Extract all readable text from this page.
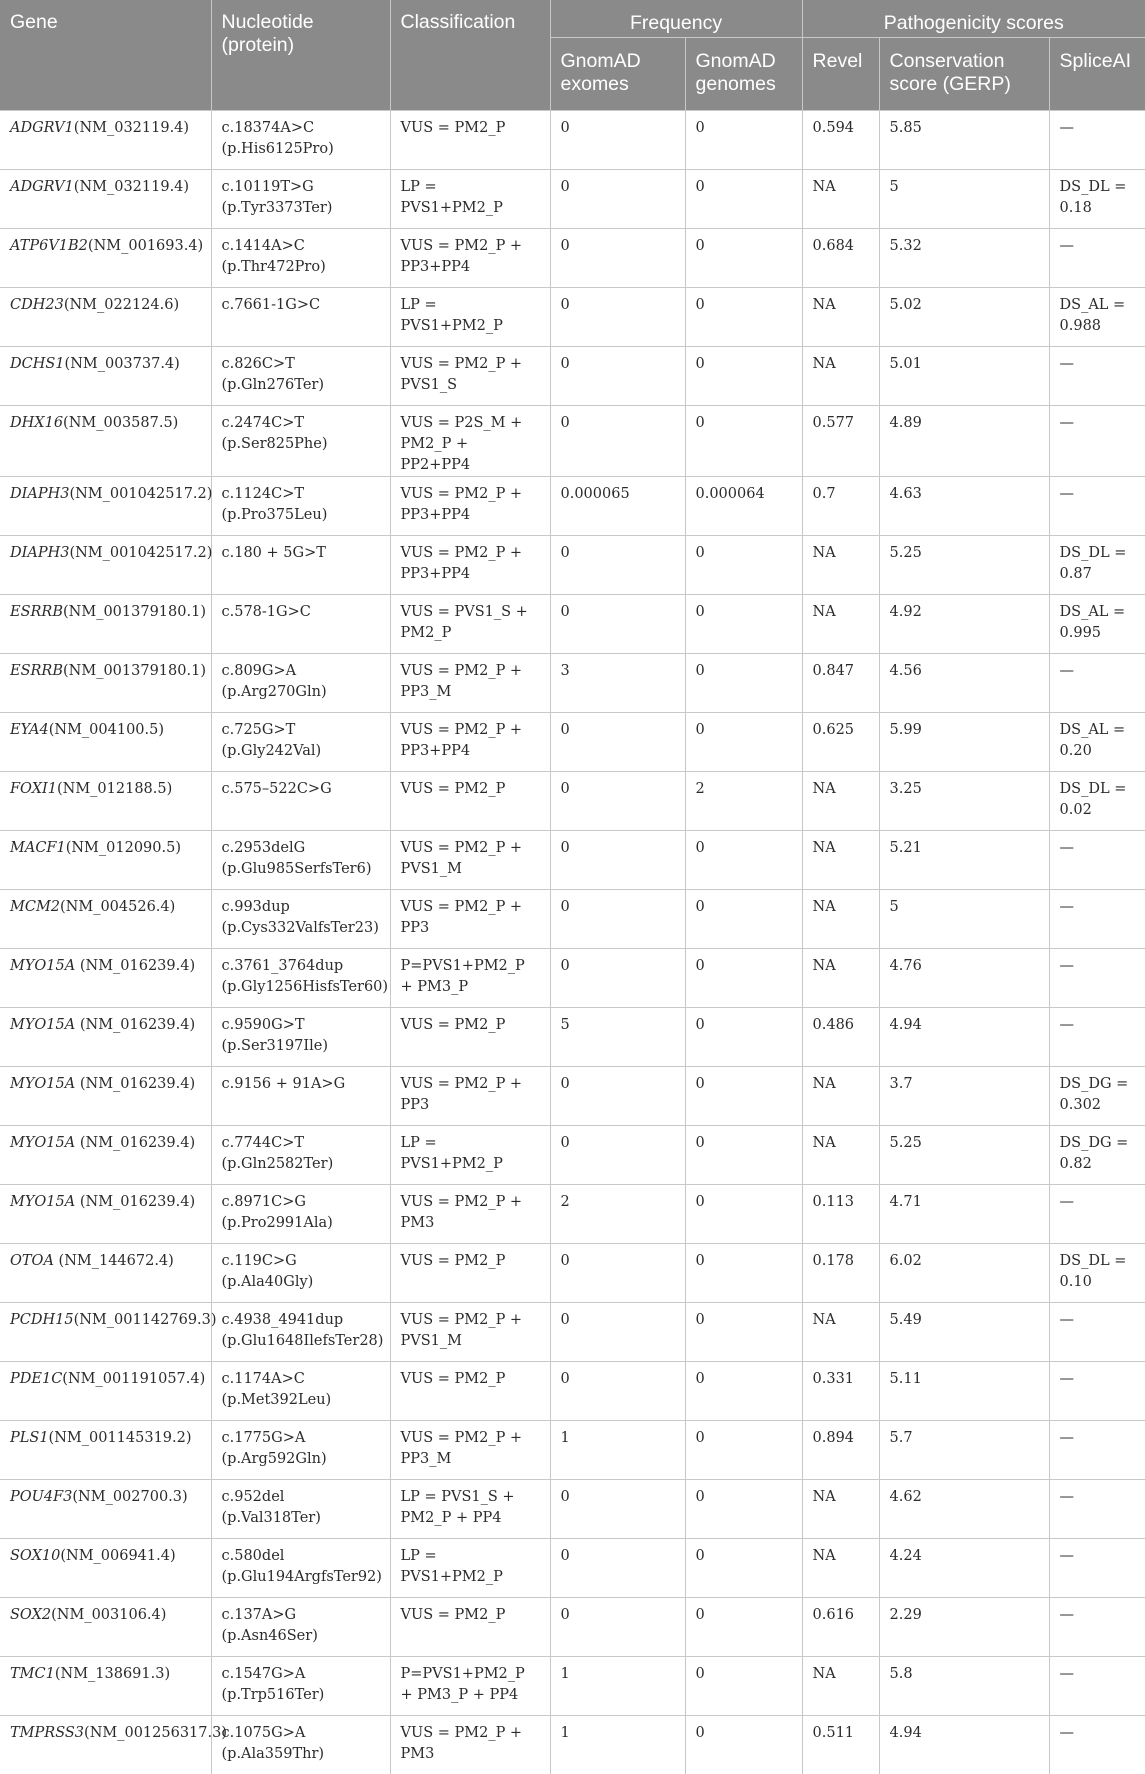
Gene	Nucleotide (protein)	Classification	Frequency		Pathogenicity scores		
			GnomAD exomes	GnomAD genomes	Revel	Conservation score (GERP)	SpliceAI
ADGRV1(NM_032119.4)	c.18374A>C (p.His6125Pro)	VUS = PM2_P	0	0	0.594	5.85	—
ADGRV1(NM_032119.4)	c.10119T>G (p.Tyr3373Ter)	LP = PVS1+PM2_P	0	0	NA	5	DS_DL = 0.18
ATP6V1B2(NM_001693.4)	c.1414A>C (p.Thr472Pro)	VUS = PM2_P + PP3+PP4	0	0	0.684	5.32	—
CDH23(NM_022124.6)	c.7661-1G>C	LP = PVS1+PM2_P	0	0	NA	5.02	DS_AL = 0.988
DCHS1(NM_003737.4)	c.826C>T (p.Gln276Ter)	VUS = PM2_P + PVS1_S	0	0	NA	5.01	—
DHX16(NM_003587.5)	c.2474C>T (p.Ser825Phe)	VUS = P2S_M + PM2_P + PP2+PP4	0	0	0.577	4.89	—
DIAPH3(NM_001042517.2)	c.1124C>T (p.Pro375Leu)	VUS = PM2_P + PP3+PP4	0.000065	0.000064	0.7	4.63	—
DIAPH3(NM_001042517.2)	c.180 + 5G>T	VUS = PM2_P + PP3+PP4	0	0	NA	5.25	DS_DL = 0.87
ESRRB(NM_001379180.1)	c.578-1G>C	VUS = PVS1_S + PM2_P	0	0	NA	4.92	DS_AL = 0.995
ESRRB(NM_001379180.1)	c.809G>A (p.Arg270Gln)	VUS = PM2_P + PP3_M	3	0	0.847	4.56	—
EYA4(NM_004100.5)	c.725G>T (p.Gly242Val)	VUS = PM2_P + PP3+PP4	0	0	0.625	5.99	DS_AL = 0.20
FOXI1(NM_012188.5)	c.575–522C>G	VUS = PM2_P	0	2	NA	3.25	DS_DL = 0.02
MACF1(NM_012090.5)	c.2953delG (p.Glu985SerfsTer6)	VUS = PM2_P + PVS1_M	0	0	NA	5.21	—
MCM2(NM_004526.4)	c.993dup (p.Cys332ValfsTer23)	VUS = PM2_P + PP3	0	0	NA	5	—
MYO15A (NM_016239.4)	c.3761_3764dup (p.Gly1256HisfsTer60)	P=PVS1+PM2_P + PM3_P	0	0	NA	4.76	—
MYO15A (NM_016239.4)	c.9590G>T (p.Ser3197Ile)	VUS = PM2_P	5	0	0.486	4.94	—
MYO15A (NM_016239.4)	c.9156 + 91A>G	VUS = PM2_P + PP3	0	0	NA	3.7	DS_DG = 0.302
MYO15A (NM_016239.4)	c.7744C>T (p.Gln2582Ter)	LP = PVS1+PM2_P	0	0	NA	5.25	DS_DG = 0.82
MYO15A (NM_016239.4)	c.8971C>G (p.Pro2991Ala)	VUS = PM2_P + PM3	2	0	0.113	4.71	—
OTOA (NM_144672.4)	c.119C>G (p.Ala40Gly)	VUS = PM2_P	0	0	0.178	6.02	DS_DL = 0.10
PCDH15(NM_001142769.3)	c.4938_4941dup (p.Glu1648IlefsTer28)	VUS = PM2_P + PVS1_M	0	0	NA	5.49	—
PDE1C(NM_001191057.4)	c.1174A>C (p.Met392Leu)	VUS = PM2_P	0	0	0.331	5.11	—
PLS1(NM_001145319.2)	c.1775G>A (p.Arg592Gln)	VUS = PM2_P + PP3_M	1	0	0.894	5.7	—
POU4F3(NM_002700.3)	c.952del (p.Val318Ter)	LP = PVS1_S + PM2_P + PP4	0	0	NA	4.62	—
SOX10(NM_006941.4)	c.580del (p.Glu194ArgfsTer92)	LP = PVS1+PM2_P	0	0	NA	4.24	—
SOX2(NM_003106.4)	c.137A>G (p.Asn46Ser)	VUS = PM2_P	0	0	0.616	2.29	—
TMC1(NM_138691.3)	c.1547G>A (p.Trp516Ter)	P=PVS1+PM2_P + PM3_P + PP4	1	0	NA	5.8	—
TMPRSS3(NM_001256317.3)	c.1075G>A (p.Ala359Thr)	VUS = PM2_P + PM3	1	0	0.511	4.94	—
